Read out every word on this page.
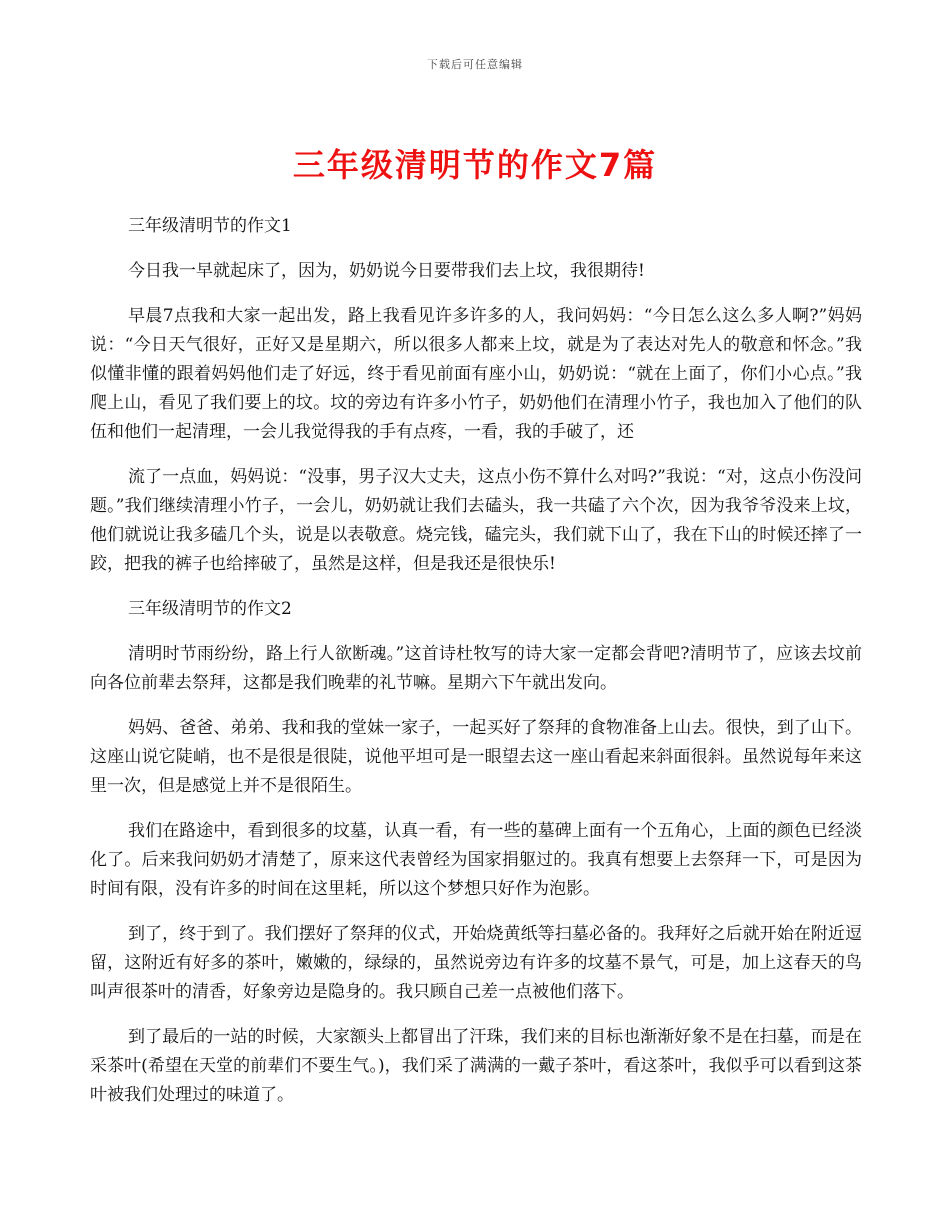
下载后可任意编辑
三年级清明节的作文7篇

三年级清明节的作文1

今日我一早就起床了，因为，奶奶说今日要带我们去上坟，我很期待!

早晨7点我和大家一起出发，路上我看见许多许多的人，我问妈妈：“今日怎么这么多人啊?”妈妈说：“今日天气很好，正好又是星期六，所以很多人都来上坟，就是为了表达对先人的敬意和怀念。”我似懂非懂的跟着妈妈他们走了好远，终于看见前面有座小山，奶奶说：“就在上面了，你们小心点。”我爬上山，看见了我们要上的坟。坟的旁边有许多小竹子，奶奶他们在清理小竹子，我也加入了他们的队伍和他们一起清理，一会儿我觉得我的手有点疼，一看，我的手破了，还

流了一点血，妈妈说：“没事，男子汉大丈夫，这点小伤不算什么对吗?”我说：“对，这点小伤没问题。”我们继续清理小竹子，一会儿，奶奶就让我们去磕头，我一共磕了六个次，因为我爷爷没来上坟，他们就说让我多磕几个头，说是以表敬意。烧完钱，磕完头，我们就下山了，我在下山的时候还摔了一跤，把我的裤子也给摔破了，虽然是这样，但是我还是很快乐!

三年级清明节的作文2

清明时节雨纷纷，路上行人欲断魂。”这首诗杜牧写的诗大家一定都会背吧?清明节了，应该去坟前向各位前辈去祭拜，这都是我们晚辈的礼节嘛。星期六下午就出发向。

妈妈、爸爸、弟弟、我和我的堂妹一家子，一起买好了祭拜的食物准备上山去。很快，到了山下。这座山说它陡峭，也不是很是很陡，说他平坦可是一眼望去这一座山看起来斜面很斜。虽然说每年来这里一次，但是感觉上并不是很陌生。

我们在路途中，看到很多的坟墓，认真一看，有一些的墓碑上面有一个五角心，上面的颜色已经淡化了。后来我问奶奶才清楚了，原来这代表曾经为国家捐躯过的。我真有想要上去祭拜一下，可是因为时间有限，没有许多的时间在这里耗，所以这个梦想只好作为泡影。

到了，终于到了。我们摆好了祭拜的仪式，开始烧黄纸等扫墓必备的。我拜好之后就开始在附近逗留，这附近有好多的茶叶，嫩嫩的，绿绿的，虽然说旁边有许多的坟墓不景气，可是，加上这春天的鸟叫声很茶叶的清香，好象旁边是隐身的。我只顾自己差一点被他们落下。

到了最后的一站的时候，大家额头上都冒出了汗珠，我们来的目标也渐渐好象不是在扫墓，而是在采茶叶(希望在天堂的前辈们不要生气。)，我们采了满满的一戴子茶叶，看这茶叶，我似乎可以看到这茶叶被我们处理过的味道了。
